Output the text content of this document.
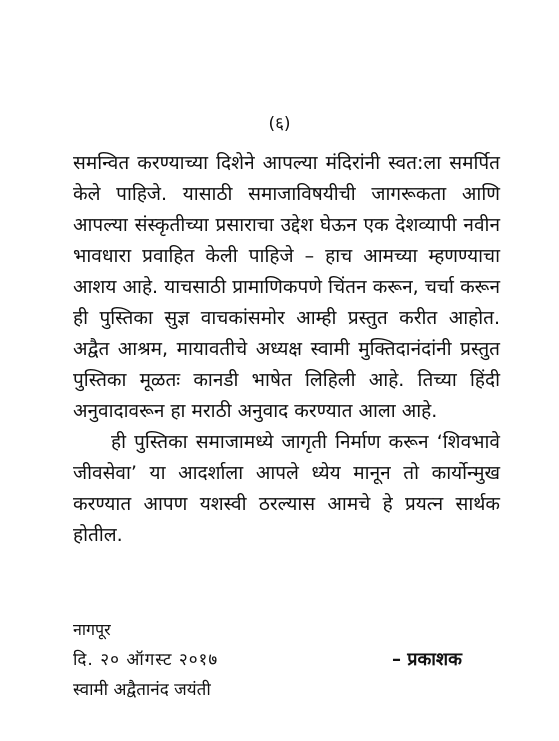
(६)

समन्वित करण्याच्या दिशेने आपल्या मंदिरांनी स्वत:ला समर्पित केले पाहिजे. यासाठी समाजाविषयीची जागरूकता आणि आपल्या संस्कृतीच्या प्रसाराचा उद्देश घेऊन एक देशव्यापी नवीन भावधारा प्रवाहित केली पाहिजे – हाच आमच्या म्हणण्याचा आशय आहे. याचसाठी प्रामाणिकपणे चिंतन करून, चर्चा करून ही पुस्तिका सुज्ञ वाचकांसमोर आम्ही प्रस्तुत करीत आहोत. अद्वैत आश्रम, मायावतीचे अध्यक्ष स्वामी मुक्तिदानंदांनी प्रस्तुत पुस्तिका मूळतः कानडी भाषेत लिहिली आहे. तिच्या हिंदी अनुवादावरून हा मराठी अनुवाद करण्यात आला आहे.

ही पुस्तिका समाजामध्ये जागृती निर्माण करून ‘शिवभावे जीवसेवा’ या आदर्शाला आपले ध्येय मानून तो कार्योन्मुख करण्यात आपण यशस्वी ठरल्यास आमचे हे प्रयत्न सार्थक होतील.

नागपूर
दि. २० ऑगस्ट २०१७	– प्रकाशक
स्वामी अद्वैतानंद जयंती
